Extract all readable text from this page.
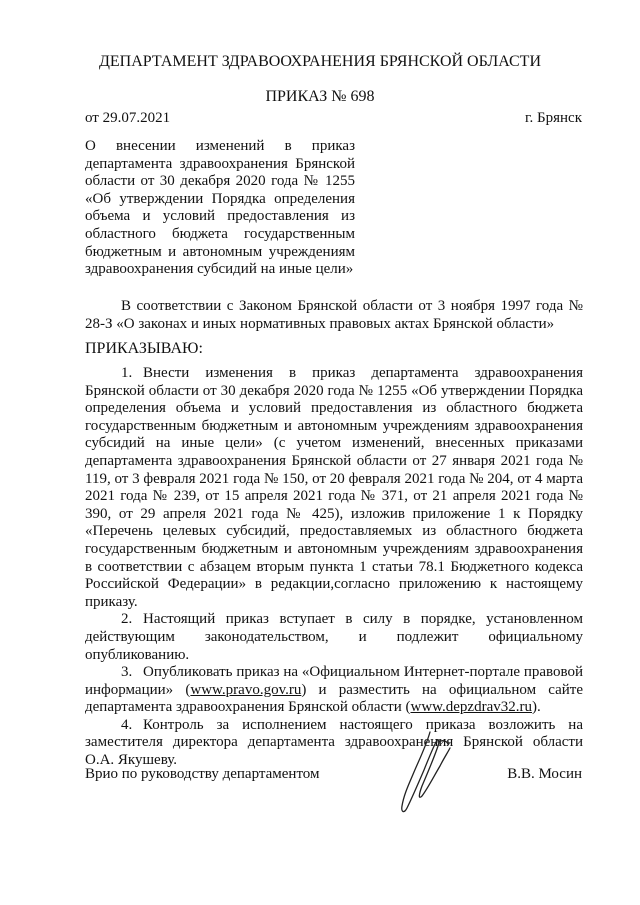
ДЕПАРТАМЕНТ ЗДРАВООХРАНЕНИЯ БРЯНСКОЙ ОБЛАСТИ
ПРИКАЗ № 698
от 29.07.2021	г. Брянск
О внесении изменений в приказ департамента здравоохранения Брянской области от 30 декабря 2020 года № 1255 «Об утверждении Порядка определения объема и условий предоставления из областного бюджета государственным бюджетным и автономным учреждениям здравоохранения субсидий на иные цели»
В соответствии с Законом Брянской области от 3 ноября 1997 года № 28-З «О законах и иных нормативных правовых актах Брянской области»
ПРИКАЗЫВАЮ:

1. Внести изменения в приказ департамента здравоохранения Брянской области от 30 декабря 2020 года № 1255 «Об утверждении Порядка определения объема и условий предоставления из областного бюджета государственным бюджетным и автономным учреждениям здравоохранения субсидий на иные цели» (с учетом изменений, внесенных приказами департамента здравоохранения Брянской области от 27 января 2021 года № 119, от 3 февраля 2021 года № 150, от 20 февраля 2021 года № 204, от 4 марта 2021 года № 239, от 15 апреля 2021 года № 371, от 21 апреля 2021 года № 390, от 29 апреля 2021 года № 425), изложив приложение 1 к Порядку «Перечень целевых субсидий, предоставляемых из областного бюджета государственным бюджетным и автономным учреждениям здравоохранения в соответствии с абзацем вторым пункта 1 статьи 78.1 Бюджетного кодекса Российской Федерации» в редакции,согласно приложению к настоящему приказу.

2. Настоящий приказ вступает в силу в порядке, установленном действующим законодательством, и подлежит официальному опубликованию.

3. Опубликовать приказ на «Официальном Интернет-портале правовой информации» (www.pravo.gov.ru) и разместить на официальном сайте департамента здравоохранения Брянской области (www.depzdrav32.ru).

4. Контроль за исполнением настоящего приказа возложить на заместителя директора департамента здравоохранения Брянской области О.А. Якушеву.

Врио по руководству департаментом	В.В. Мосин
